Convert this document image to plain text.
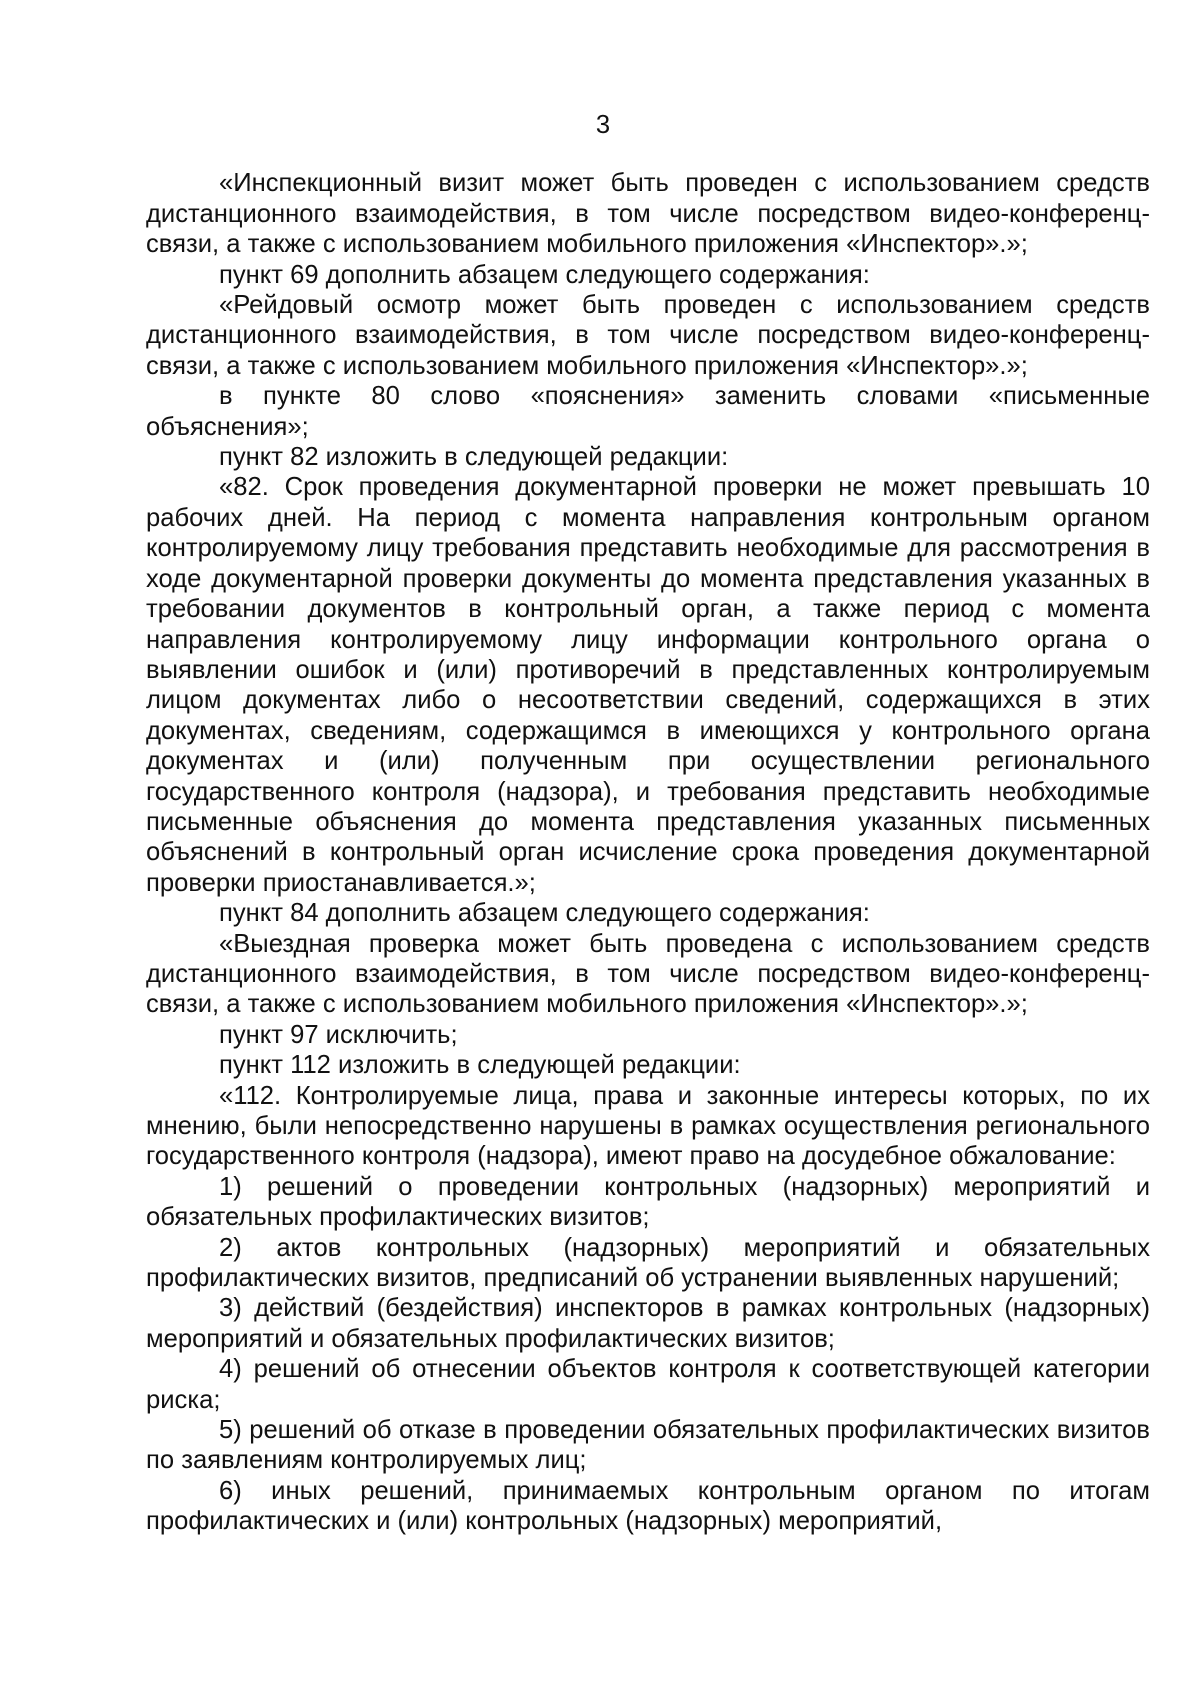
3

«Инспекционный визит может быть проведен с использованием средств дистанционного взаимодействия, в том числе посредством видео-конференц-связи, а также с использованием мобильного приложения «Инспектор».»;

пункт 69 дополнить абзацем следующего содержания:

«Рейдовый осмотр может быть проведен с использованием средств дистанционного взаимодействия, в том числе посредством видео-конференц-связи, а также с использованием мобильного приложения «Инспектор».»;

в пункте 80 слово «пояснения» заменить словами «письменные объяснения»;

пункт 82 изложить в следующей редакции:

«82. Срок проведения документарной проверки не может превышать 10 рабочих дней. На период с момента направления контрольным органом контролируемому лицу требования представить необходимые для рассмотрения в ходе документарной проверки документы до момента представления указанных в требовании документов в контрольный орган, а также период с момента направления контролируемому лицу информации контрольного органа о выявлении ошибок и (или) противоречий в представленных контролируемым лицом документах либо о несоответствии сведений, содержащихся в этих документах, сведениям, содержащимся в имеющихся у контрольного органа документах и (или) полученным при осуществлении регионального государственного контроля (надзора), и требования представить необходимые письменные объяснения до момента представления указанных письменных объяснений в контрольный орган исчисление срока проведения документарной проверки приостанавливается.»;

пункт 84 дополнить абзацем следующего содержания:

«Выездная проверка может быть проведена с использованием средств дистанционного взаимодействия, в том числе посредством видео-конференц-связи, а также с использованием мобильного приложения «Инспектор».»;

пункт 97 исключить;

пункт 112 изложить в следующей редакции:

«112. Контролируемые лица, права и законные интересы которых, по их мнению, были непосредственно нарушены в рамках осуществления регионального государственного контроля (надзора), имеют право на досудебное обжалование:

1) решений о проведении контрольных (надзорных) мероприятий и обязательных профилактических визитов;

2) актов контрольных (надзорных) мероприятий и обязательных профилактических визитов, предписаний об устранении выявленных нарушений;

3) действий (бездействия) инспекторов в рамках контрольных (надзорных) мероприятий и обязательных профилактических визитов;

4) решений об отнесении объектов контроля к соответствующей категории риска;

5) решений об отказе в проведении обязательных профилактических визитов по заявлениям контролируемых лиц;

6) иных решений, принимаемых контрольным органом по итогам профилактических и (или) контрольных (надзорных) мероприятий,
